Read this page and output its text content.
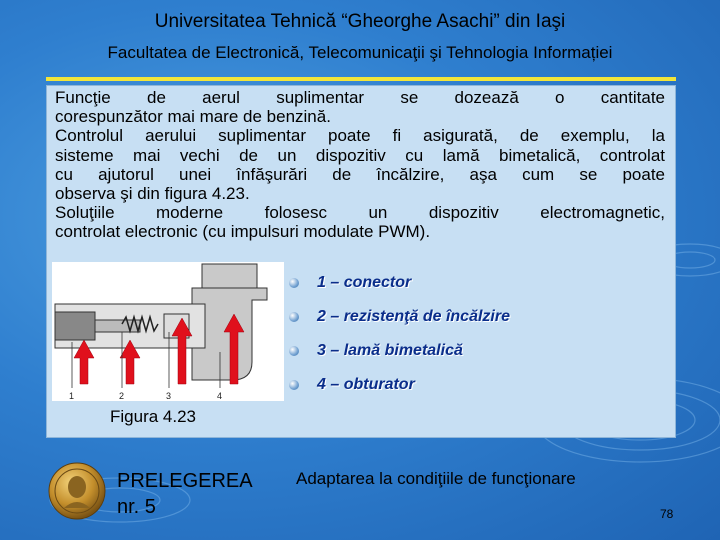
Universitatea Tehnică “Gheorghe Asachi” din Iaşi
Facultatea de Electronică, Telecomunicaţii şi Tehnologia Informației

Funcţie de aerul suplimentar se dozează o cantitate
corespunzător mai mare de benzină.
Controlul aerului suplimentar poate fi asigurată, de exemplu, la
sisteme mai vechi de un dispozitiv cu lamă bimetalică, controlat
cu ajutorul unei înfăşurări de încălzire, aşa cum se poate
observa şi din figura 4.23.
Soluţiile moderne folosesc un dispozitiv electromagnetic,
controlat electronic (cu impulsuri modulate PWM).

1	2	3	4
1 – conector
2 – rezistenţă de încălzire
3 – lamă bimetalică
4 – obturator
Figura 4.23
PRELEGEREA
nr. 5
Adaptarea la condiţiile de funcţionare
78
